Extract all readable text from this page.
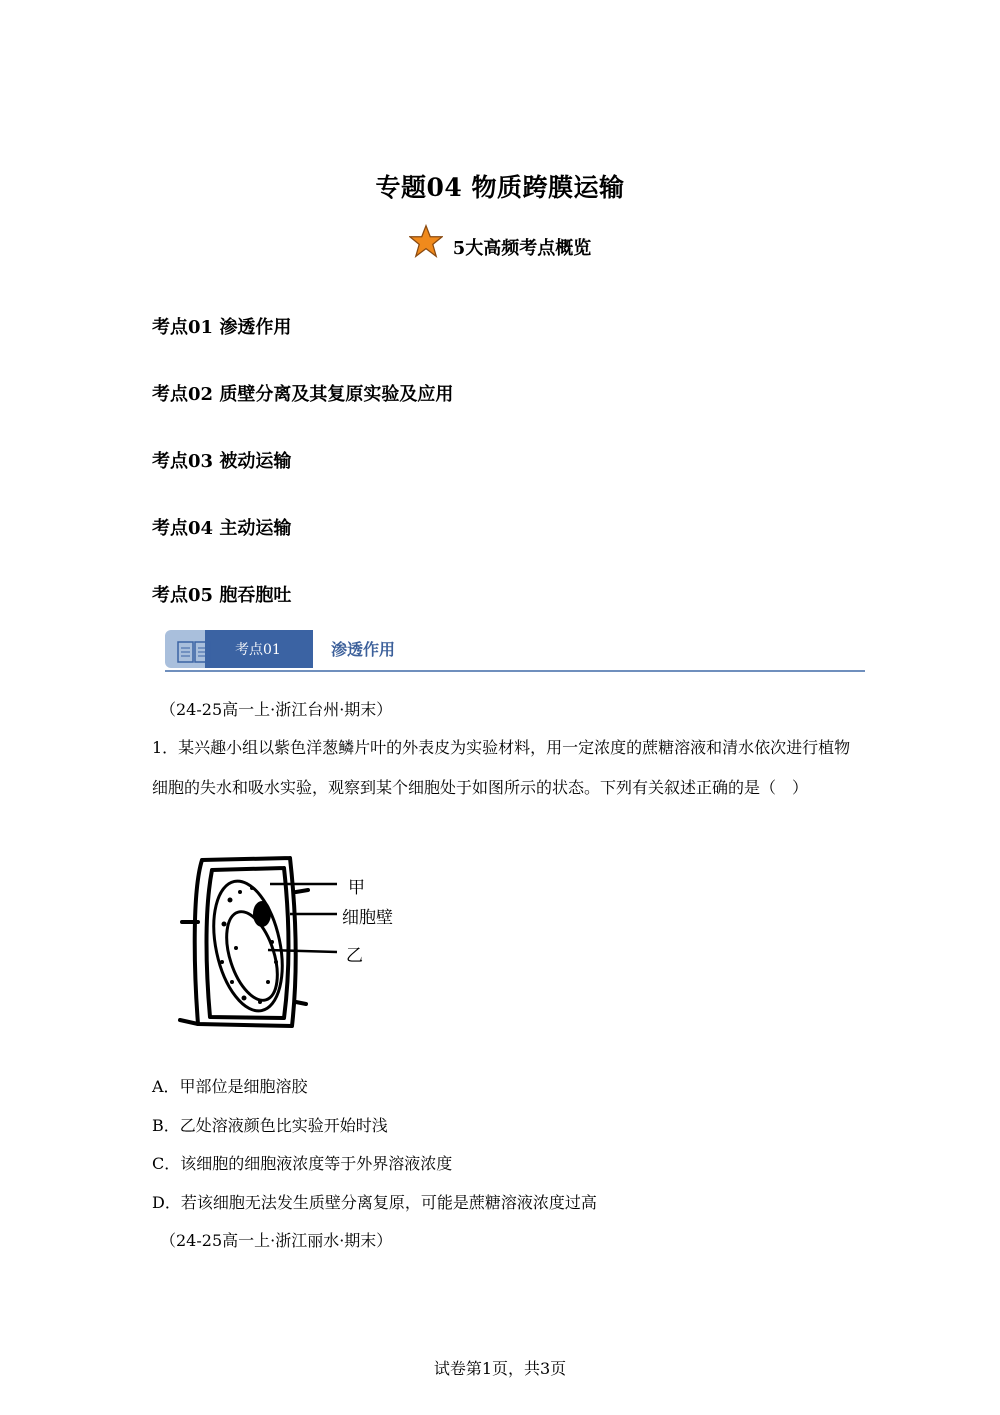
专题04 物质跨膜运输
5大高频考点概览
考点01 渗透作用
考点02 质壁分离及其复原实验及应用
考点03 被动运输
考点04 主动运输
考点05 胞吞胞吐
考点01	渗透作用
（24-25高一上·浙江台州·期末）
1．某兴趣小组以紫色洋葱鳞片叶的外表皮为实验材料，用一定浓度的蔗糖溶液和清水依次进行植物细胞的失水和吸水实验，观察到某个细胞处于如图所示的状态。下列有关叙述正确的是（　）
甲
细胞壁
乙
A．甲部位是细胞溶胶
B．乙处溶液颜色比实验开始时浅
C．该细胞的细胞液浓度等于外界溶液浓度
D．若该细胞无法发生质壁分离复原，可能是蔗糖溶液浓度过高
（24-25高一上·浙江丽水·期末）
试卷第1页，共3页
